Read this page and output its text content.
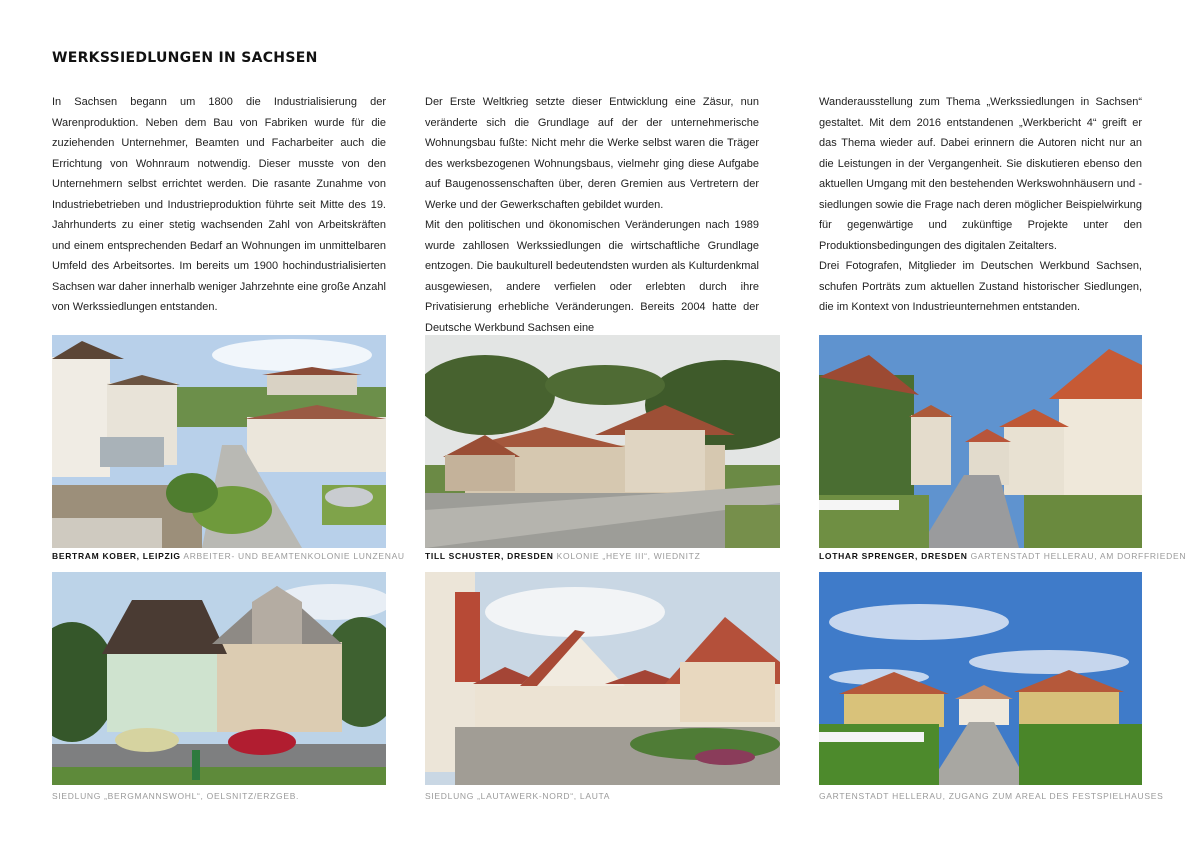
WERKSSIEDLUNGEN IN SACHSEN

In Sachsen begann um 1800 die Industrialisierung der Warenproduktion. Neben dem Bau von Fabriken wurde für die zuziehenden Unternehmer, Beamten und Facharbeiter auch die Errichtung von Wohnraum notwendig. Dieser musste von den Unternehmern selbst errichtet werden. Die rasante Zunahme von Industriebetrieben und Industrieproduktion führte seit Mitte des 19. Jahrhunderts zu einer stetig wachsenden Zahl von Arbeitskräften und einem entsprechenden Bedarf an Wohnungen im unmittelbaren Umfeld des Arbeitsortes. Im bereits um 1900 hochindustrialisierten Sachsen war daher innerhalb weniger Jahrzehnte eine große Anzahl von Werkssiedlungen entstanden.

Der Erste Weltkrieg setzte dieser Entwicklung eine Zäsur, nun veränderte sich die Grundlage auf der der unternehmerische Wohnungsbau fußte: Nicht mehr die Werke selbst waren die Träger des werksbezogenen Wohnungsbaus, vielmehr ging diese Aufgabe auf Baugenossenschaften über, deren Gremien aus Vertretern der Werke und der Gewerkschaften gebildet wurden.

Mit den politischen und ökonomischen Veränderungen nach 1989 wurde zahllosen Werkssiedlungen die wirtschaftliche Grundlage entzogen. Die baukulturell bedeutendsten wurden als Kulturdenkmal ausgewiesen, andere verfielen oder erlebten durch ihre Privatisierung erhebliche Veränderungen. Bereits 2004 hatte der Deutsche Werkbund Sachsen eine

Wanderausstellung zum Thema „Werkssiedlungen in Sachsen“ gestaltet. Mit dem 2016 entstandenen „Werkbericht 4“ greift er das Thema wieder auf. Dabei erinnern die Autoren nicht nur an die Leistungen in der Vergangenheit. Sie diskutieren ebenso den aktuellen Umgang mit den bestehenden Werkswohnhäusern und -siedlungen sowie die Frage nach deren möglicher Beispielwirkung für gegenwärtige und zukünftige Projekte unter den Produktionsbedingungen des digitalen Zeitalters.

Drei Fotografen, Mitglieder im Deutschen Werkbund Sachsen, schufen Porträts zum aktuellen Zustand historischer Siedlungen, die im Kontext von Industrieunternehmen entstanden.

BERTRAM KOBER, LEIPZIG ARBEITER- UND BEAMTENKOLONIE LUNZENAU TILL SCHUSTER, DRESDEN KOLONIE „HEYE III“, WIEDNITZ	LOTHAR SPRENGER, DRESDEN GARTENSTADT HELLERAU, AM DORFFRIEDEN
SIEDLUNG „BERGMANNSWOHL“, OELSNITZ/ERZGEB.	SIEDLUNG „LAUTAWERK-NORD“, LAUTA	GARTENSTADT HELLERAU, ZUGANG ZUM AREAL DES FESTSPIELHAUSES
